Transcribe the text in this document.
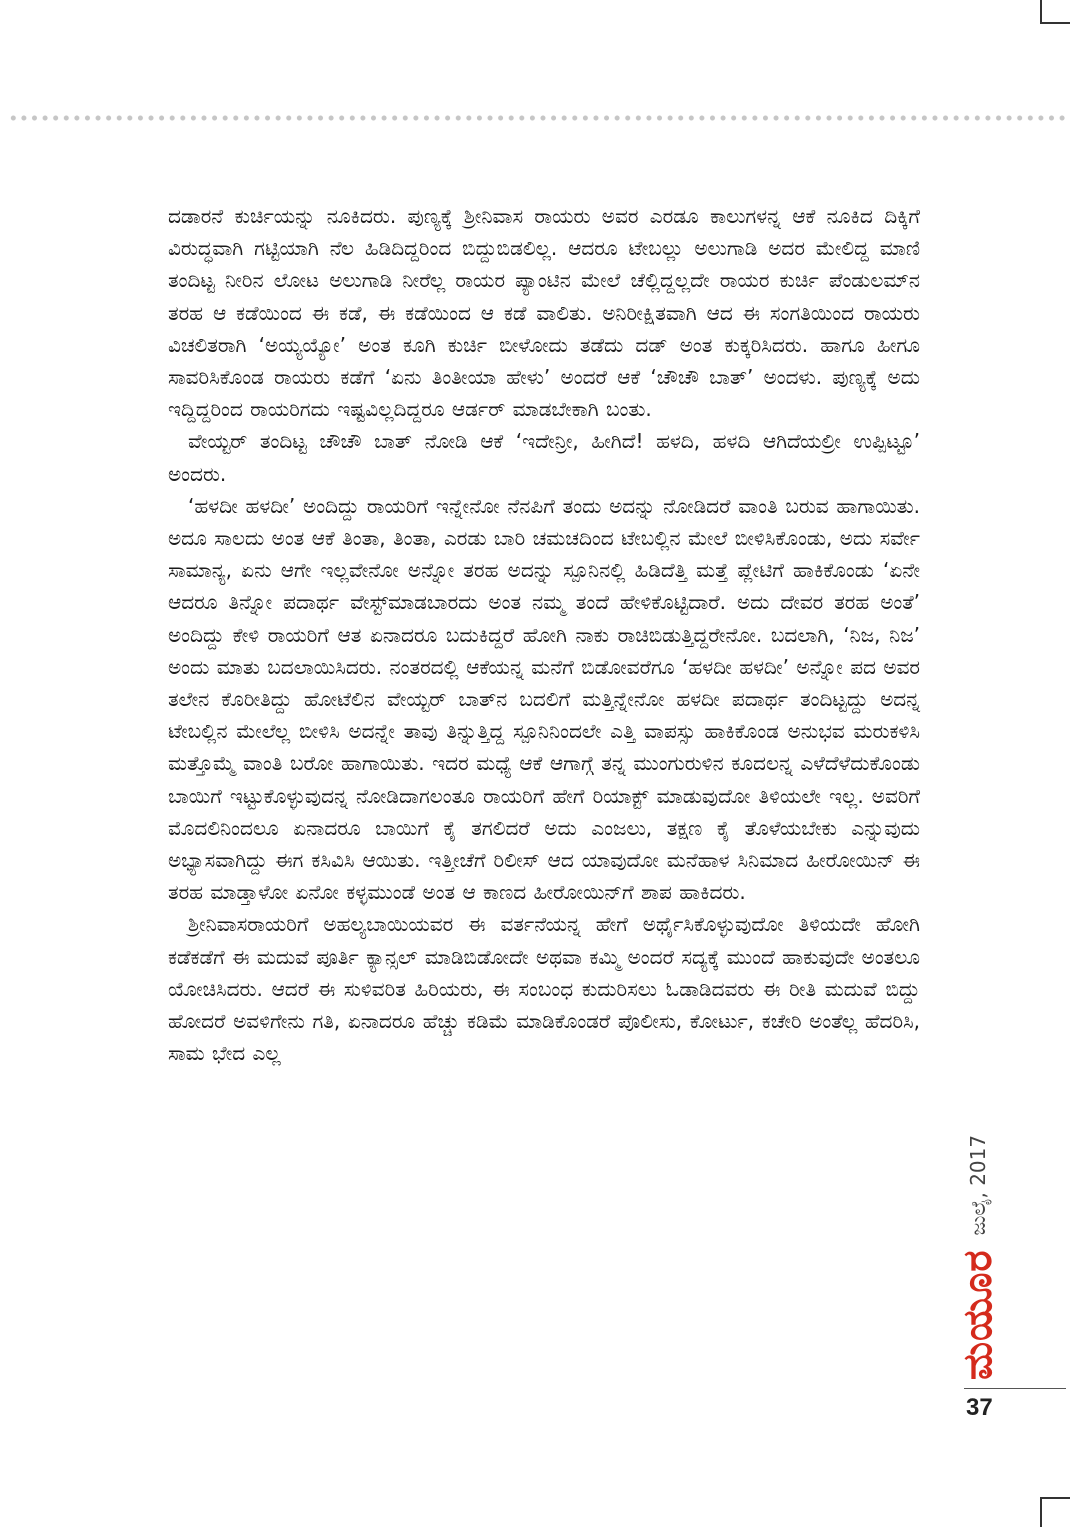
ದಡಾರನೆ ಕುರ್ಚಿಯನ್ನು ನೂಕಿದರು. ಪುಣ್ಯಕ್ಕೆ ಶ್ರೀನಿವಾಸ ರಾಯರು ಅವರ ಎರಡೂ ಕಾಲುಗಳನ್ನ ಆಕೆ ನೂಕಿದ ದಿಕ್ಕಿಗೆ ವಿರುದ್ಧವಾಗಿ ಗಟ್ಟಿಯಾಗಿ ನೆಲ ಹಿಡಿದಿದ್ದರಿಂದ ಬಿದ್ದುಬಿಡಲಿಲ್ಲ. ಆದರೂ ಟೇಬಲ್ಲು ಅಲುಗಾಡಿ ಅದರ ಮೇಲಿದ್ದ ಮಾಣಿ ತಂದಿಟ್ಟ ನೀರಿನ ಲೋಟ ಅಲುಗಾಡಿ ನೀರೆಲ್ಲ ರಾಯರ ಪ್ಯಾಂಟಿನ ಮೇಲೆ ಚೆಲ್ಲಿದ್ದಲ್ಲದೇ ರಾಯರ ಕುರ್ಚಿ ಪೆಂಡುಲಮ್‌ನ ತರಹ ಆ ಕಡೆಯಿಂದ ಈ ಕಡೆ, ಈ ಕಡೆಯಿಂದ ಆ ಕಡೆ ವಾಲಿತು. ಅನಿರೀಕ್ಷಿತವಾಗಿ ಆದ ಈ ಸಂಗತಿಯಿಂದ ರಾಯರು ವಿಚಲಿತರಾಗಿ ‘ಅಯ್ಯಯ್ಯೋ’ ಅಂತ ಕೂಗಿ ಕುರ್ಚಿ ಬೀಳೋದು ತಡೆದು ದಡ್ ಅಂತ ಕುಕ್ಕರಿಸಿದರು. ಹಾಗೂ ಹೀಗೂ ಸಾವರಿಸಿಕೊಂಡ ರಾಯರು ಕಡೆಗೆ ‘ಏನು ತಿಂತೀಯಾ ಹೇಳು’ ಅಂದರೆ ಆಕೆ ‘ಚೌಚೌ ಬಾತ್’ ಅಂದಳು. ಪುಣ್ಯಕ್ಕೆ ಅದು ಇದ್ದಿದ್ದರಿಂದ ರಾಯರಿಗದು ಇಷ್ಟವಿಲ್ಲದಿದ್ದರೂ ಆರ್ಡರ್ ಮಾಡಬೇಕಾಗಿ ಬಂತು.

ವೇಯ್ಟರ್ ತಂದಿಟ್ಟ ಚೌಚೌ ಬಾತ್ ನೋಡಿ ಆಕೆ ‘ಇದೇನ್ರೀ, ಹೀಗಿದೆ! ಹಳದಿ, ಹಳದಿ ಆಗಿದೆಯಲ್ರೀ ಉಪ್ಪಿಟ್ಟೂ’ ಅಂದರು.

‘ಹಳದೀ ಹಳದೀ’ ಅಂದಿದ್ದು ರಾಯರಿಗೆ ಇನ್ನೇನೋ ನೆನಪಿಗೆ ತಂದು ಅದನ್ನು ನೋಡಿದರೆ ವಾಂತಿ ಬರುವ ಹಾಗಾಯಿತು. ಅದೂ ಸಾಲದು ಅಂತ ಆಕೆ ತಿಂತಾ, ತಿಂತಾ, ಎರಡು ಬಾರಿ ಚಮಚದಿಂದ ಟೇಬಲ್ಲಿನ ಮೇಲೆ ಬೀಳಿಸಿಕೊಂಡು, ಅದು ಸರ್ವೇ ಸಾಮಾನ್ಯ, ಏನು ಆಗೇ ಇಲ್ಲವೇನೋ ಅನ್ನೋ ತರಹ ಅದನ್ನು ಸ್ಪೂನಿನಲ್ಲಿ ಹಿಡಿದೆತ್ತಿ ಮತ್ತೆ ಪ್ಲೇಟಿಗೆ ಹಾಕಿಕೊಂಡು ‘ಏನೇ ಆದರೂ ತಿನ್ನೋ ಪದಾರ್ಥ ವೇಸ್ಟ್‌ಮಾಡಬಾರದು ಅಂತ ನಮ್ಮ ತಂದೆ ಹೇಳಿಕೊಟ್ಟಿದಾರೆ. ಅದು ದೇವರ ತರಹ ಅಂತೆ’ ಅಂದಿದ್ದು ಕೇಳಿ ರಾಯರಿಗೆ ಆತ ಏನಾದರೂ ಬದುಕಿದ್ದರೆ ಹೋಗಿ ನಾಕು ರಾಚಿಬಿಡುತ್ತಿದ್ದರೇನೋ. ಬದಲಾಗಿ, ‘ನಿಜ, ನಿಜ’ ಅಂದು ಮಾತು ಬದಲಾಯಿಸಿದರು. ನಂತರದಲ್ಲಿ ಆಕೆಯನ್ನ ಮನೆಗೆ ಬಿಡೋವರೆಗೂ ‘ಹಳದೀ ಹಳದೀ’ ಅನ್ನೋ ಪದ ಅವರ ತಲೇನ ಕೊರೀತಿದ್ದು ಹೋಟೆಲಿನ ವೇಯ್ಟರ್ ಬಾತ್‌ನ ಬದಲಿಗೆ ಮತ್ತಿನ್ನೇನೋ ಹಳದೀ ಪದಾರ್ಥ ತಂದಿಟ್ಟದ್ದು ಅದನ್ನ ಟೇಬಲ್ಲಿನ ಮೇಲೆಲ್ಲ ಬೀಳಿಸಿ ಅದನ್ನೇ ತಾವು ತಿನ್ನುತ್ತಿದ್ದ ಸ್ಪೂನಿನಿಂದಲೇ ಎತ್ತಿ ವಾಪಸ್ಸು ಹಾಕಿಕೊಂಡ ಅನುಭವ ಮರುಕಳಿಸಿ ಮತ್ತೊಮ್ಮೆ ವಾಂತಿ ಬರೋ ಹಾಗಾಯಿತು. ಇದರ ಮಧ್ಯೆ ಆಕೆ ಆಗಾಗ್ಗೆ ತನ್ನ ಮುಂಗುರುಳಿನ ಕೂದಲನ್ನ ಎಳೆದೆಳೆದುಕೊಂಡು ಬಾಯಿಗೆ ಇಟ್ಟುಕೊಳ್ಳುವುದನ್ನ ನೋಡಿದಾಗಲಂತೂ ರಾಯರಿಗೆ ಹೇಗೆ ರಿಯಾಕ್ಟ್ ಮಾಡುವುದೋ ತಿಳಿಯಲೇ ಇಲ್ಲ. ಅವರಿಗೆ ಮೊದಲಿನಿಂದಲೂ ಏನಾದರೂ ಬಾಯಿಗೆ ಕೈ ತಗಲಿದರೆ ಅದು ಎಂಜಲು, ತಕ್ಷಣ ಕೈ ತೊಳೆಯಬೇಕು ಎನ್ನುವುದು ಅಭ್ಯಾಸವಾಗಿದ್ದು ಈಗ ಕಸಿವಿಸಿ ಆಯಿತು. ಇತ್ತೀಚೆಗೆ ರಿಲೀಸ್ ಆದ ಯಾವುದೋ ಮನೆಹಾಳ ಸಿನಿಮಾದ ಹೀರೋಯಿನ್ ಈ ತರಹ ಮಾಡ್ತಾಳೋ ಏನೋ ಕಳ್ಳಮುಂಡೆ ಅಂತ ಆ ಕಾಣದ ಹೀರೋಯಿನ್‌ಗೆ ಶಾಪ ಹಾಕಿದರು.

ಶ್ರೀನಿವಾಸರಾಯರಿಗೆ ಅಹಲ್ಯಬಾಯಿಯವರ ಈ ವರ್ತನೆಯನ್ನ ಹೇಗೆ ಅರ್ಥೈಸಿಕೊಳ್ಳುವುದೋ ತಿಳಿಯದೇ ಹೋಗಿ ಕಡೆಕಡೆಗೆ ಈ ಮದುವೆ ಪೂರ್ತಿ ಕ್ಯಾನ್ಸಲ್ ಮಾಡಿಬಿಡೋದೇ ಅಥವಾ ಕಮ್ಮಿ ಅಂದರೆ ಸದ್ಯಕ್ಕೆ ಮುಂದೆ ಹಾಕುವುದೇ ಅಂತಲೂ ಯೋಚಿಸಿದರು. ಆದರೆ ಈ ಸುಳಿವರಿತ ಹಿರಿಯರು, ಈ ಸಂಬಂಧ ಕುದುರಿಸಲು ಓಡಾಡಿದವರು ಈ ರೀತಿ ಮದುವೆ ಬಿದ್ದು ಹೋದರೆ ಅವಳಿಗೇನು ಗತಿ, ಏನಾದರೂ ಹೆಚ್ಚು ಕಡಿಮೆ ಮಾಡಿಕೊಂಡರೆ ಪೊಲೀಸು, ಕೋರ್ಟು, ಕಚೇರಿ ಅಂತೆಲ್ಲ ಹೆದರಿಸಿ, ಸಾಮ ಭೇದ ಎಲ್ಲ

ಮಯೂರ
ಜುಲೈ, 2017
37
